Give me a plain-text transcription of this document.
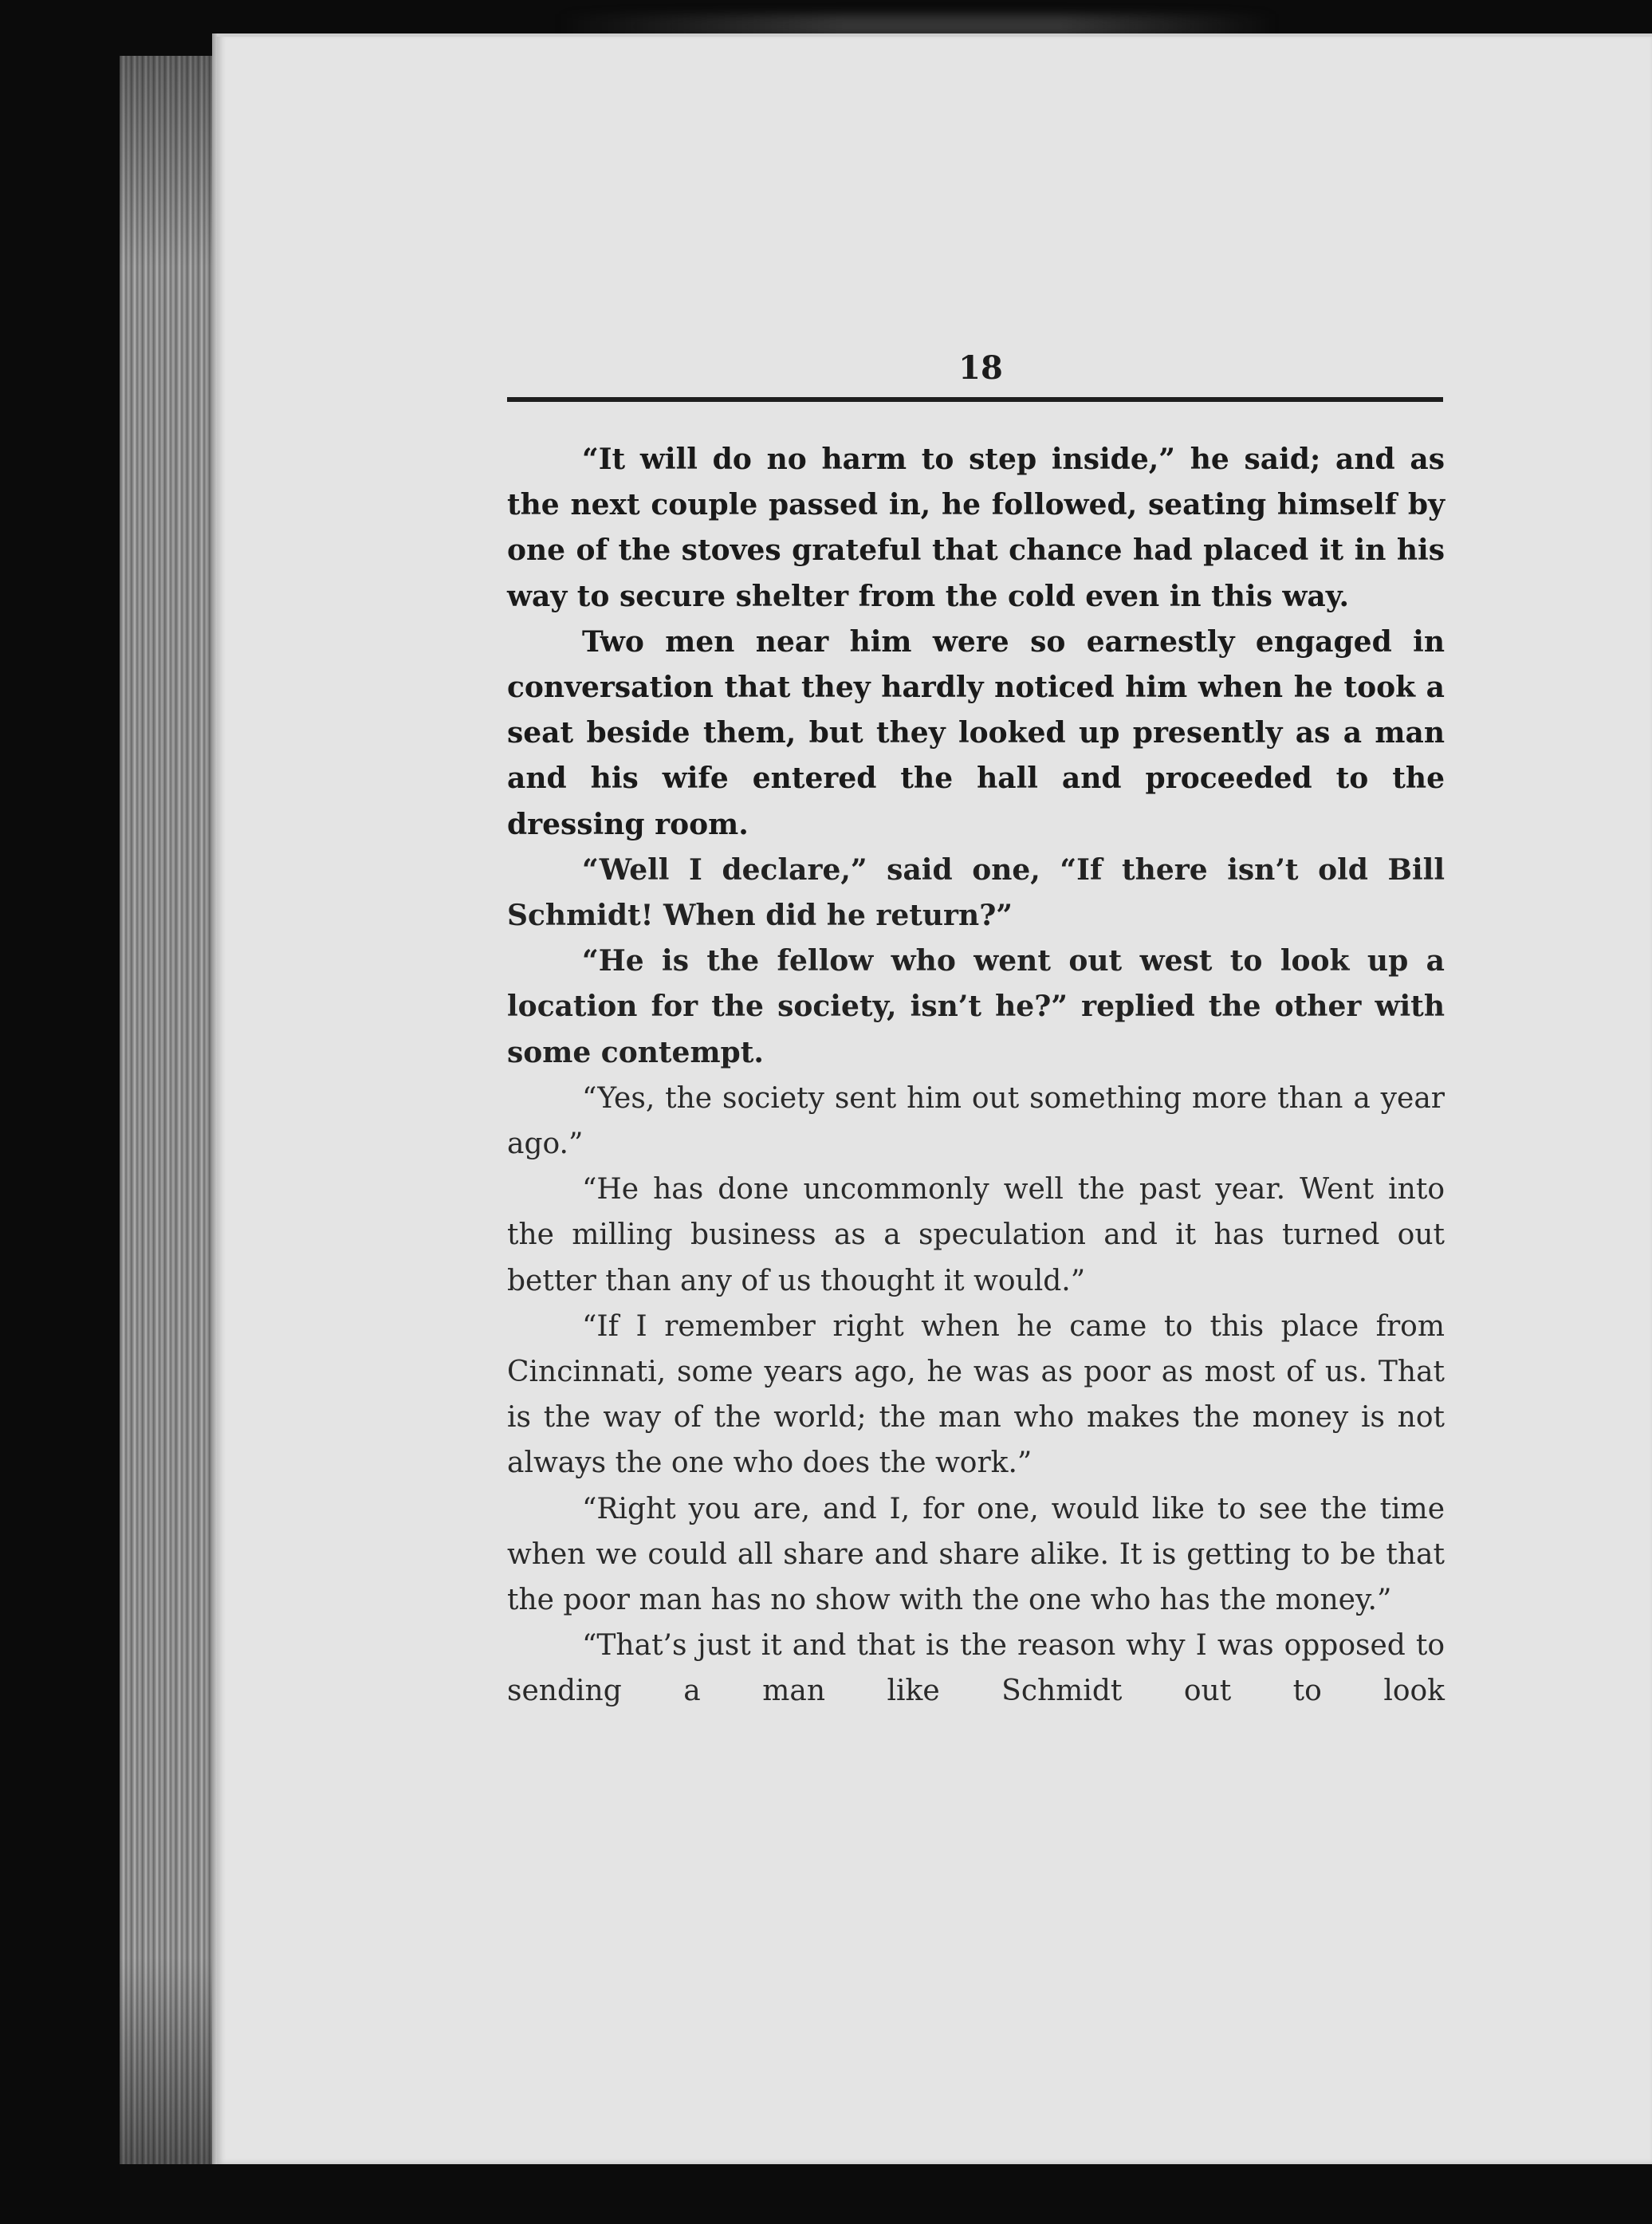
18

“It will do no harm to step inside,” he said; and as the next couple passed in, he followed, seating himself by one of the stoves grateful that chance had placed it in his way to secure shelter from the cold even in this way.

Two men near him were so earnestly engaged in conversation that they hardly noticed him when he took a seat beside them, but they looked up presently as a man and his wife entered the hall and proceeded to the dressing room.

“Well I declare,” said one, “If there isn’t old Bill Schmidt! When did he return?”

“He is the fellow who went out west to look up a location for the society, isn’t he?” replied the other with some contempt.

“Yes, the society sent him out something more than a year ago.”

“He has done uncommonly well the past year. Went into the milling business as a speculation and it has turned out better than any of us thought it would.”

“If I remember right when he came to this place from Cincinnati, some years ago, he was as poor as most of us. That is the way of the world; the man who makes the money is not always the one who does the work.”

“Right you are, and I, for one, would like to see the time when we could all share and share alike. It is getting to be that the poor man has no show with the one who has the money.”

“That’s just it and that is the reason why I was opposed to sending a man like Schmidt out to look
